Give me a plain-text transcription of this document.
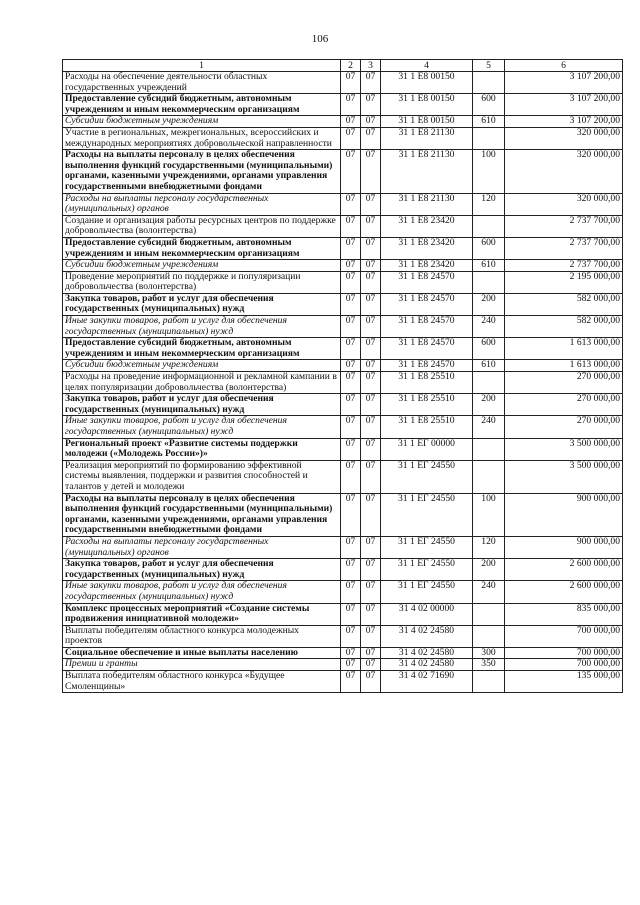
106
1	2	3	4	5	6
Расходы на обеспечение деятельности областных государственных учреждений	07	07	31 1 E8 00150		3 107 200,00
Предоставление субсидий бюджетным, автономным учреждениям и иным некоммерческим организациям	07	07	31 1 E8 00150	600	3 107 200,00
Субсидии бюджетным учреждениям	07	07	31 1 E8 00150	610	3 107 200,00
Участие в региональных, межрегиональных, всероссийских и международных мероприятиях добровольческой направленности	07	07	31 1 E8 21130		320 000,00
Расходы на выплаты персоналу в целях обеспечения выполнения функций государственными (муниципальными) органами, казенными учреждениями, органами управления государственными внебюджетными фондами	07	07	31 1 E8 21130	100	320 000,00
Расходы на выплаты персоналу государственных (муниципальных) органов	07	07	31 1 E8 21130	120	320 000,00
Создание и организация работы ресурсных центров по поддержке добровольчества (волонтерства)	07	07	31 1 E8 23420		2 737 700,00
Предоставление субсидий бюджетным, автономным учреждениям и иным некоммерческим организациям	07	07	31 1 E8 23420	600	2 737 700,00
Субсидии бюджетным учреждениям	07	07	31 1 E8 23420	610	2 737 700,00
Проведение мероприятий по поддержке и популяризации добровольчества (волонтерства)	07	07	31 1 E8 24570		2 195 000,00
Закупка товаров, работ и услуг для обеспечения государственных (муниципальных) нужд	07	07	31 1 E8 24570	200	582 000,00
Иные закупки товаров, работ и услуг для обеспечения государственных (муниципальных) нужд	07	07	31 1 E8 24570	240	582 000,00
Предоставление субсидий бюджетным, автономным учреждениям и иным некоммерческим организациям	07	07	31 1 E8 24570	600	1 613 000,00
Субсидии бюджетным учреждениям	07	07	31 1 E8 24570	610	1 613 000,00
Расходы на проведение информационной и рекламной кампании в целях популяризации добровольчества (волонтерства)	07	07	31 1 E8 25510		270 000,00
Закупка товаров, работ и услуг для обеспечения государственных (муниципальных) нужд	07	07	31 1 E8 25510	200	270 000,00
Иные закупки товаров, работ и услуг для обеспечения государственных (муниципальных) нужд	07	07	31 1 E8 25510	240	270 000,00
Региональный проект «Развитие системы поддержки молодежи («Молодежь России»)»	07	07	31 1 EГ 00000		3 500 000,00
Реализация мероприятий по формированию эффективной системы выявления, поддержки и развития способностей и талантов у детей и молодежи	07	07	31 1 EГ 24550		3 500 000,00
Расходы на выплаты персоналу в целях обеспечения выполнения функций государственными (муниципальными) органами, казенными учреждениями, органами управления государственными внебюджетными фондами	07	07	31 1 EГ 24550	100	900 000,00
Расходы на выплаты персоналу государственных (муниципальных) органов	07	07	31 1 EГ 24550	120	900 000,00
Закупка товаров, работ и услуг для обеспечения государственных (муниципальных) нужд	07	07	31 1 EГ 24550	200	2 600 000,00
Иные закупки товаров, работ и услуг для обеспечения государственных (муниципальных) нужд	07	07	31 1 EГ 24550	240	2 600 000,00
Комплекс процессных мероприятий «Создание системы продвижения инициативной молодежи»	07	07	31 4 02 00000		835 000,00
Выплаты победителям областного конкурса молодежных проектов	07	07	31 4 02 24580		700 000,00
Социальное обеспечение и иные выплаты населению	07	07	31 4 02 24580	300	700 000,00
Премии и гранты	07	07	31 4 02 24580	350	700 000,00
Выплата победителям областного конкурса «Будущее Смоленщины»	07	07	31 4 02 71690		135 000,00
